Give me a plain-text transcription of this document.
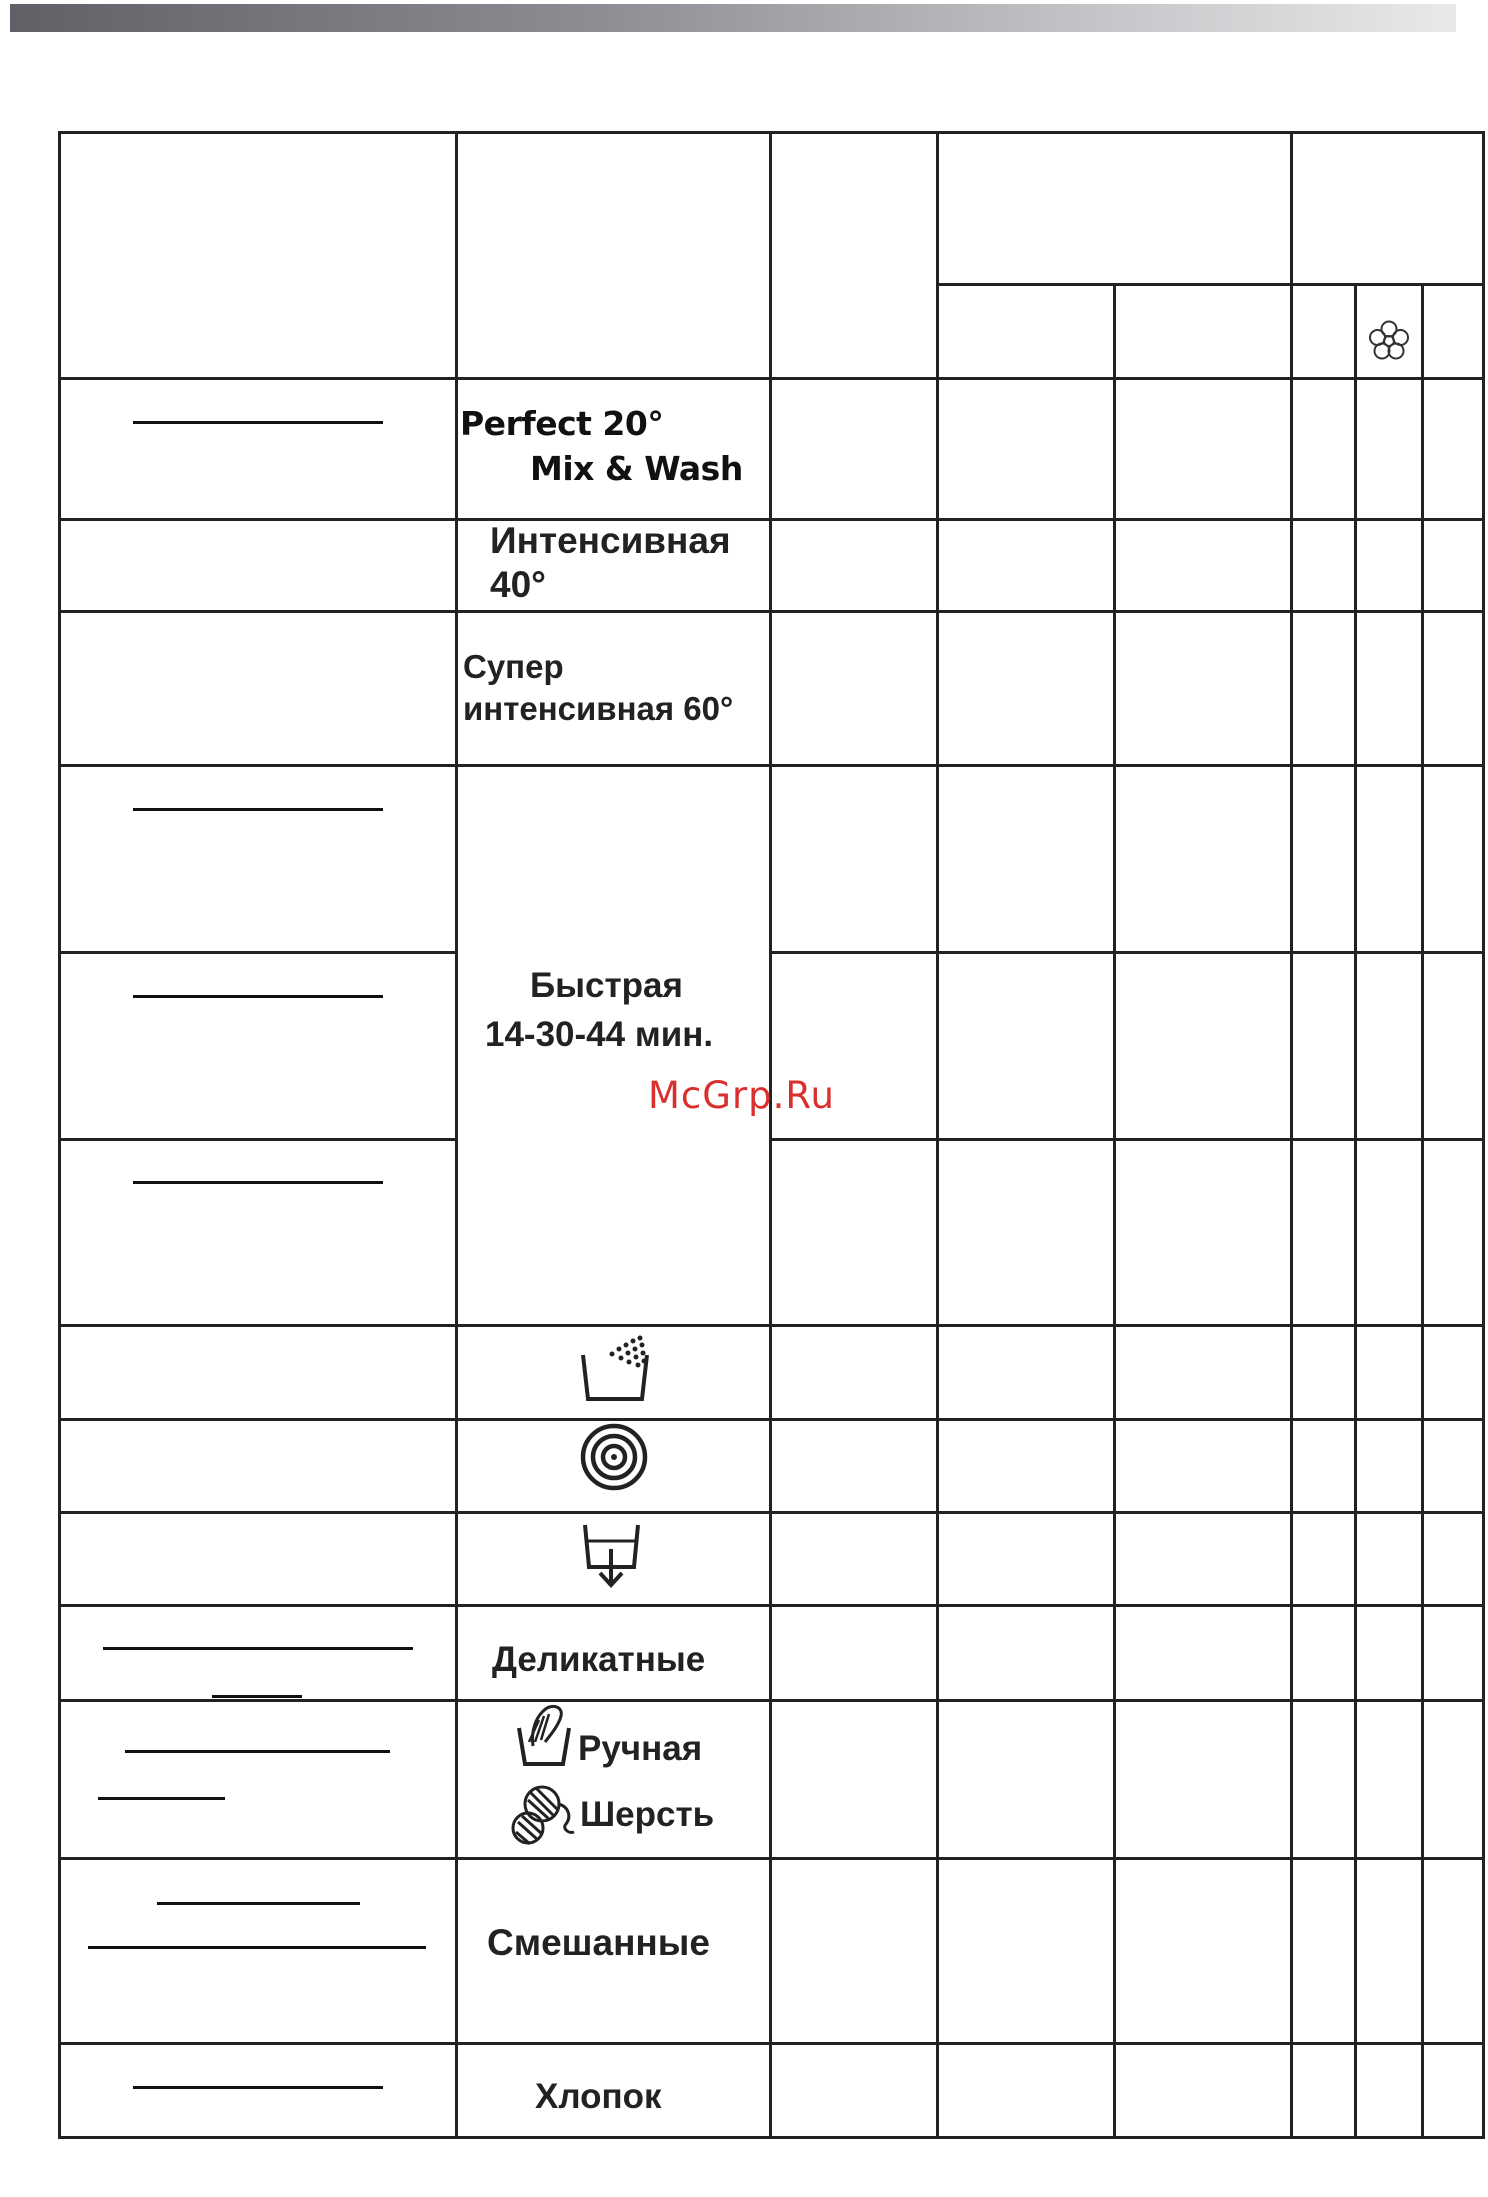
Perfect 20°
Mix & Wash
Интенсивная
40°
Супер
интенсивная 60°
Быстрая
14-30-44 мин.
Деликатные
Ручная
Шерсть
Смешанные
Хлопок
McGrp.Ru
